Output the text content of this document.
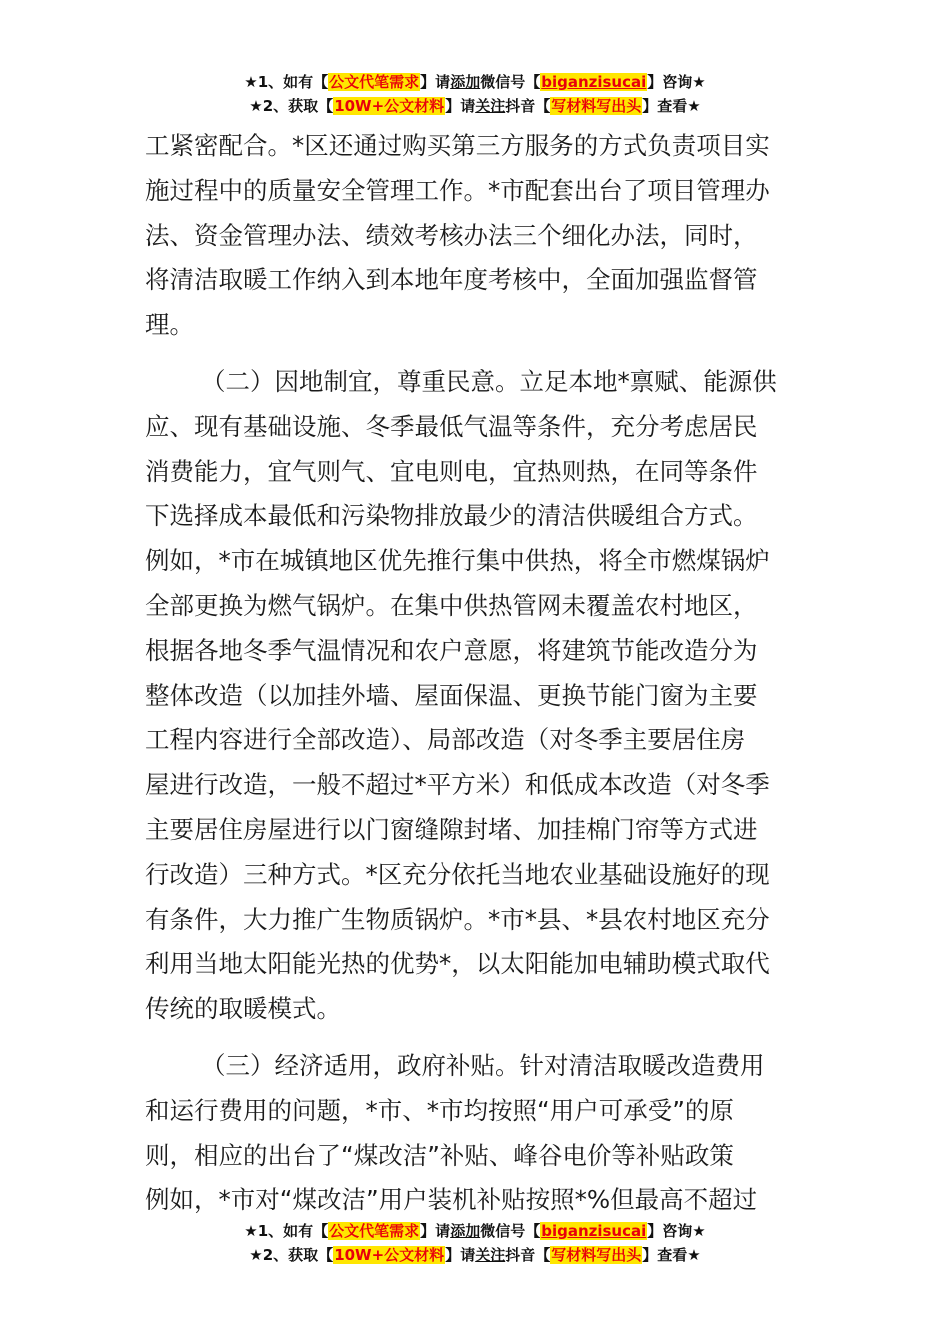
★1、如有【公文代笔需求】请添加微信号【biganzisucai】咨询★
★2、获取【10W+公文材料】请关注抖音【写材料写出头】查看★

工紧密配合。*区还通过购买第三方服务的方式负责项目实
施过程中的质量安全管理工作。*市配套出台了项目管理办
法、资金管理办法、绩效考核办法三个细化办法，同时，
将清洁取暖工作纳入到本地年度考核中，全面加强监督管
理。

（二）因地制宜，尊重民意。立足本地*禀赋、能源供
应、现有基础设施、冬季最低气温等条件，充分考虑居民
消费能力，宜气则气、宜电则电，宜热则热，在同等条件
下选择成本最低和污染物排放最少的清洁供暖组合方式。
例如，*市在城镇地区优先推行集中供热，将全市燃煤锅炉
全部更换为燃气锅炉。在集中供热管网未覆盖农村地区，
根据各地冬季气温情况和农户意愿，将建筑节能改造分为
整体改造（以加挂外墙、屋面保温、更换节能门窗为主要
工程内容进行全部改造）、局部改造（对冬季主要居住房
屋进行改造，一般不超过*平方米）和低成本改造（对冬季
主要居住房屋进行以门窗缝隙封堵、加挂棉门帘等方式进
行改造）三种方式。*区充分依托当地农业基础设施好的现
有条件，大力推广生物质锅炉。*市*县、*县农村地区充分
利用当地太阳能光热的优势*，以太阳能加电辅助模式取代
传统的取暖模式。

（三）经济适用，政府补贴。针对清洁取暖改造费用
和运行费用的问题，*市、*市均按照“用户可承受”的原
则，相应的出台了“煤改洁”补贴、峰谷电价等补贴政策
例如，*市对“煤改洁”用户装机补贴按照*%但最高不超过

★1、如有【公文代笔需求】请添加微信号【biganzisucai】咨询★
★2、获取【10W+公文材料】请关注抖音【写材料写出头】查看★
